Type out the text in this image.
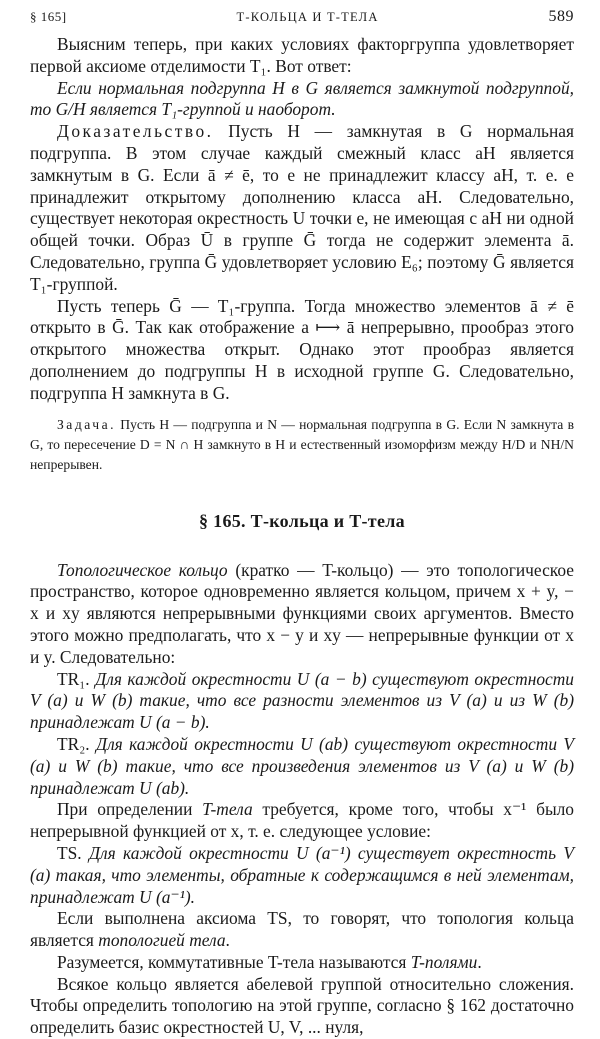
§ 165]	Т-КОЛЬЦА И Т-ТЕЛА	589

Выясним теперь, при каких условиях факторгруппа удовлетворяет первой аксиоме отделимости T₁. Вот ответ:

Если нормальная подгруппа H в G является замкнутой подгруппой, то G/H является T₁-группой и наоборот.

Доказательство. Пусть H — замкнутая в G нормальная подгруппа. В этом случае каждый смежный класс aH является замкнутым в G. Если ā ≠ ē, то e не принадлежит классу aH, т. е. e принадлежит открытому дополнению класса aH. Следовательно, существует некоторая окрестность U точки e, не имеющая с aH ни одной общей точки. Образ Ū в группе Ḡ тогда не содержит элемента ā. Следовательно, группа Ḡ удовлетворяет условию E₆; поэтому Ḡ является T₁-группой.

Пусть теперь Ḡ — T₁-группа. Тогда множество элементов ā ≠ ē открыто в Ḡ. Так как отображение a ⟼ ā непрерывно, прообраз этого открытого множества открыт. Однако этот прообраз является дополнением до подгруппы H в исходной группе G. Следовательно, подгруппа H замкнута в G.

Задача. Пусть H — подгруппа и N — нормальная подгруппа в G. Если N замкнута в G, то пересечение D = N ∩ H замкнуто в H и естественный изоморфизм между H/D и NH/N непрерывен.

§ 165. Т-кольца и Т-тела

Топологическое кольцо (кратко — T-кольцо) — это топологическое пространство, которое одновременно является кольцом, причем x + y, − x и xy являются непрерывными функциями своих аргументов. Вместо этого можно предполагать, что x − y и xy — непрерывные функции от x и y. Следовательно:

TR₁. Для каждой окрестности U (a − b) существуют окрестности V (a) и W (b) такие, что все разности элементов из V (a) и из W (b) принадлежат U (a − b).

TR₂. Для каждой окрестности U (ab) существуют окрестности V (a) и W (b) такие, что все произведения элементов из V (a) и W (b) принадлежат U (ab).

При определении T-тела требуется, кроме того, чтобы x⁻¹ было непрерывной функцией от x, т. е. следующее условие:

TS. Для каждой окрестности U (a⁻¹) существует окрестность V (a) такая, что элементы, обратные к содержащимся в ней элементам, принадлежат U (a⁻¹).

Если выполнена аксиома TS, то говорят, что топология кольца является топологией тела.

Разумеется, коммутативные T-тела называются T-полями.

Всякое кольцо является абелевой группой относительно сложения. Чтобы определить топологию на этой группе, согласно § 162 достаточно определить базис окрестностей U, V, ... нуля,
